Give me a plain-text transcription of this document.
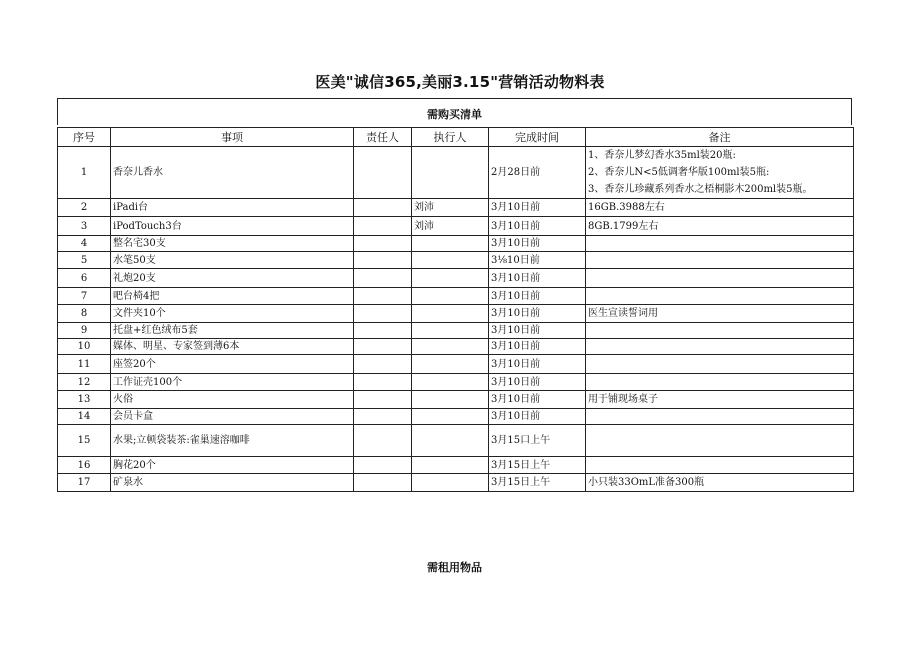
医美"诚信365,美丽3.15"营销活动物料表
需购买清单
序号	事项	责任人	执行人	完成时间	备注
1	香奈儿香水			2月28日前	1、香奈儿梦幻香水35ml装20瓶:
2、香奈儿N<5低调奢华版100ml装5瓶:
3、香奈儿珍藏系列香水之梧桐影木200ml装5瓶。

2	iPadi台		刘沛	3月10日前	16GB.3988左右
3	iPodTouch3台		刘沛	3月10日前	8GB.1799左右
4	整名宅30支			3月10日前	
5	水笔50支			3⅛10日前	
6	礼炮20支			3月10日前	
7	吧台椅4把			3月10日前	
8	文件夹10个			3月10日前	医生宣读誓词用
9	托盘+红色绒布5套			3月10日前	
10	媒体、明星、专家签到薄6本			3月10日前	
11	座签20个			3月10日前	
12	工作证壳100个			3月10日前	
13	火俗			3月10日前	用于铺现场桌子
14	会员卡盒			3月10日前	
15	水果;立顿袋装茶:雀巢速溶咖啡			3月15口上午	
16	胸花20个			3月15日上午	
17	矿泉水			3月15日上午	小只装33OmL准备300瓶
需租用物品
